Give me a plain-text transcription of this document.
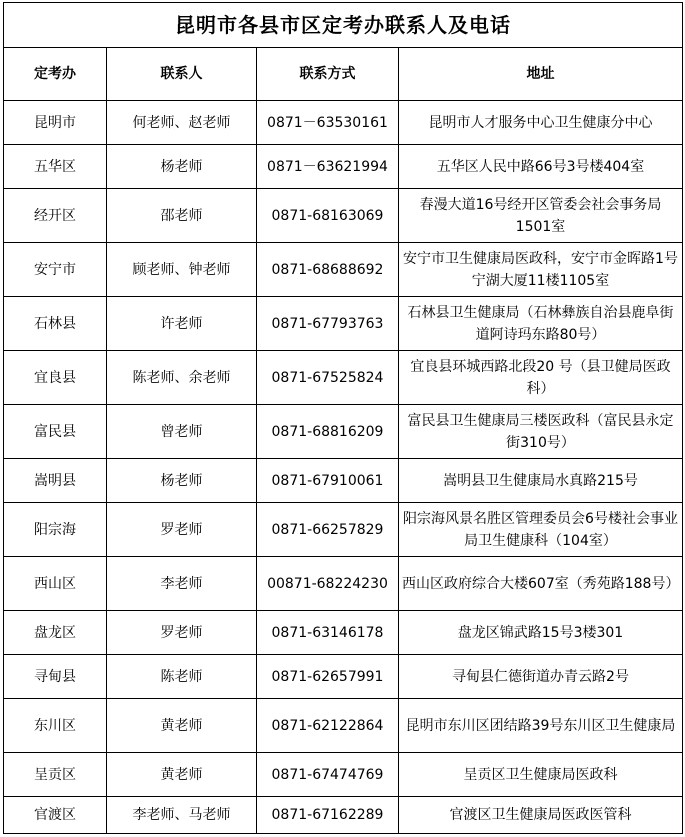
昆明市各县市区定考办联系人及电话			
定考办	联系人	联系方式	地址
昆明市	何老师、赵老师	0871－63530161	昆明市人才服务中心卫生健康分中心
五华区	杨老师	0871－63621994	五华区人民中路66号3号楼404室
经开区	邵老师	0871-68163069	春漫大道16号经开区管委会社会事务局1501室
安宁市	顾老师、钟老师	0871-68688692	安宁市卫生健康局医政科，安宁市金晖路1号宁湖大厦11楼1105室
石林县	许老师	0871-67793763	石林县卫生健康局（石林彝族自治县鹿阜街道阿诗玛东路80号）
宜良县	陈老师、余老师	0871-67525824	宜良县环城西路北段20 号（县卫健局医政科）
富民县	曾老师	0871-68816209	富民县卫生健康局三楼医政科（富民县永定街310号）
嵩明县	杨老师	0871-67910061	嵩明县卫生健康局水真路215号
阳宗海	罗老师	0871-66257829	阳宗海风景名胜区管理委员会6号楼社会事业局卫生健康科（104室）
西山区	李老师	00871-68224230	西山区政府综合大楼607室（秀苑路188号）
盘龙区	罗老师	0871-63146178	盘龙区锦武路15号3楼301
寻甸县	陈老师	0871-62657991	寻甸县仁德街道办青云路2号
东川区	黄老师	0871-62122864	昆明市东川区团结路39号东川区卫生健康局
呈贡区	黄老师	0871-67474769	呈贡区卫生健康局医政科
官渡区	李老师、马老师	0871-67162289	官渡区卫生健康局医政医管科
